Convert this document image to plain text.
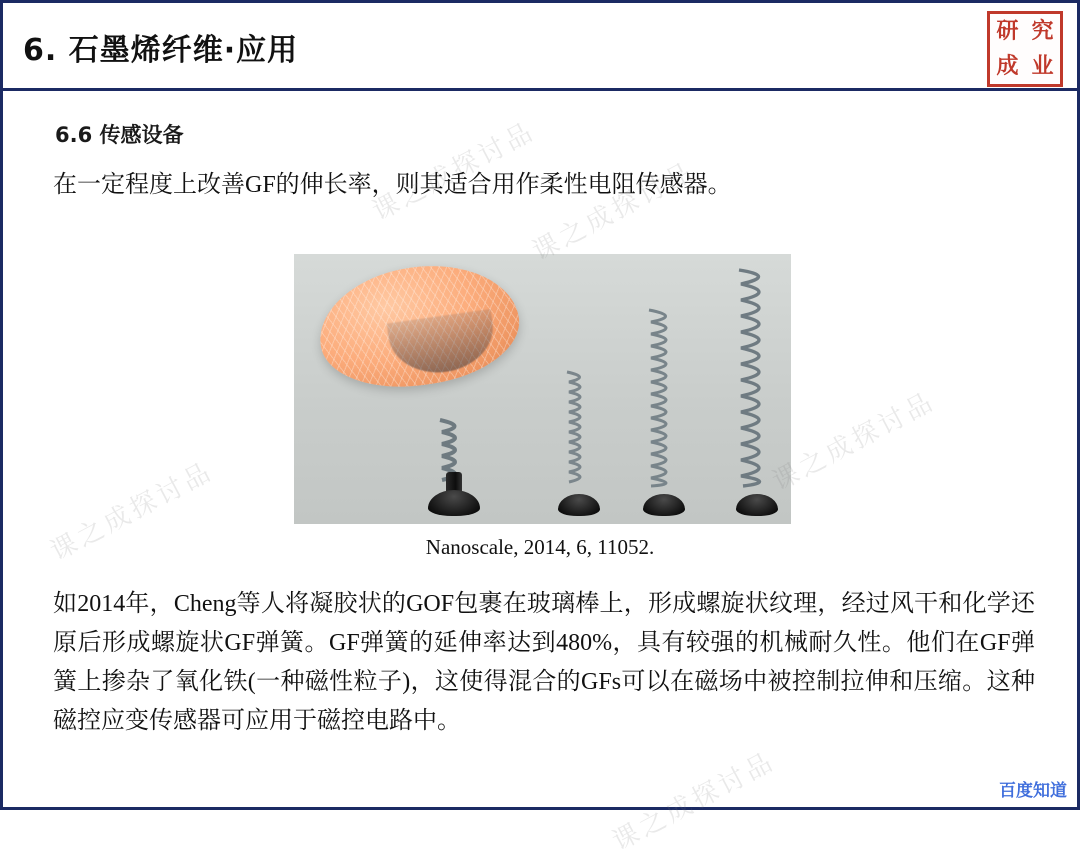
6. 石墨烯纤维·应用
研 究
成 业
6.6 传感设备
在一定程度上改善GF的伸长率，则其适合用作柔性电阻传感器。
Nanoscale, 2014, 6, 11052.
如2014年，Cheng等人将凝胶状的GOF包裹在玻璃棒上，形成螺旋状纹理，经过风干和化学还原后形成螺旋状GF弹簧。GF弹簧的延伸率达到480%，具有较强的机械耐久性。他们在GF弹簧上掺杂了氧化铁(一种磁性粒子)，这使得混合的GFs可以在磁场中被控制拉伸和压缩。这种磁控应变传感器可应用于磁控电路中。
课之成探讨品
课之成探讨品
课之成探讨品
课之成探讨品
课之成探讨品	百度知道
